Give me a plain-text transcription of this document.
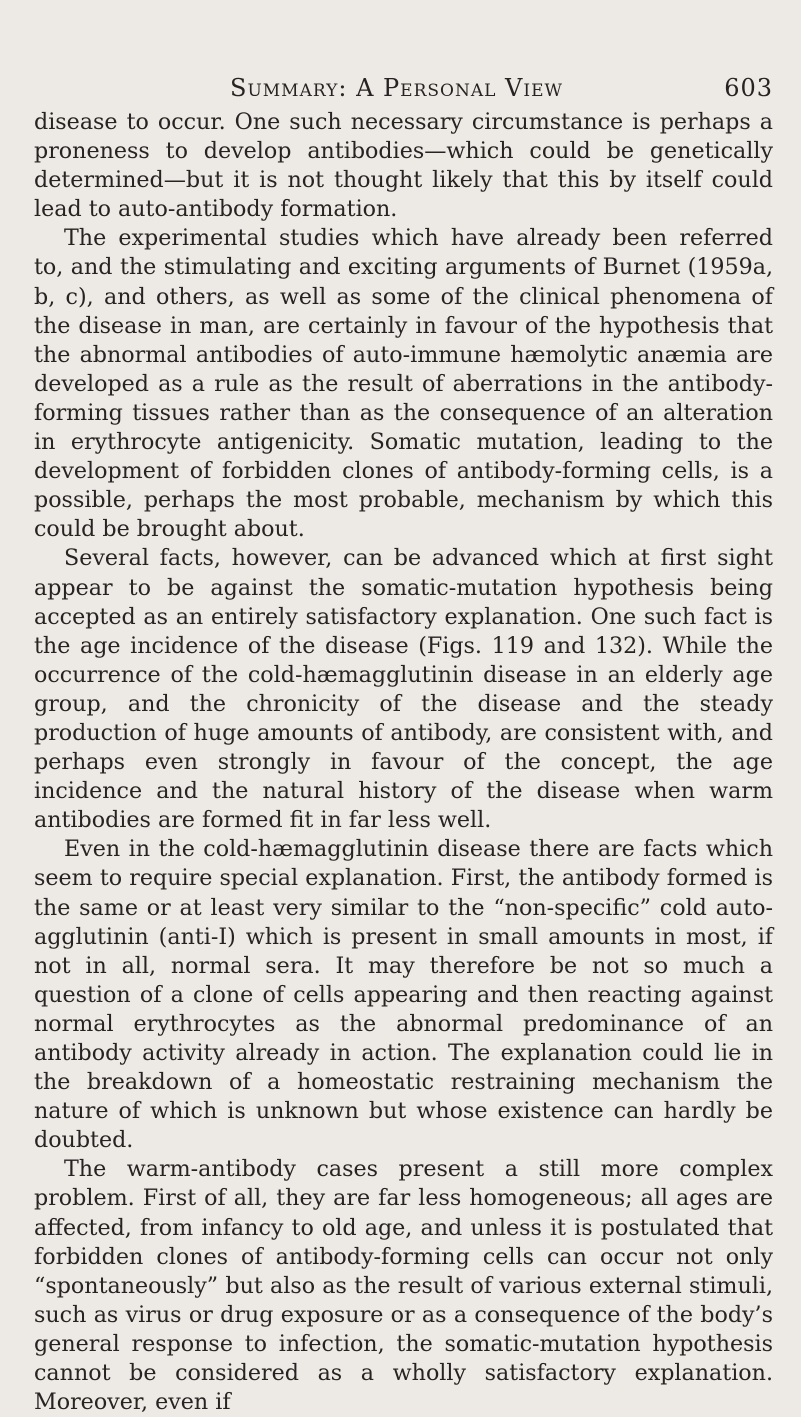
Summary: A Personal View	603

disease to occur. One such necessary circumstance is perhaps a proneness to develop antibodies—which could be genetically determined—but it is not thought likely that this by itself could lead to auto-antibody formation.

The experimental studies which have already been referred to, and the stimulating and exciting arguments of Burnet (1959a, b, c), and others, as well as some of the clinical phenomena of the disease in man, are certainly in favour of the hypothesis that the abnormal antibodies of auto-immune hæmolytic anæmia are developed as a rule as the result of aberrations in the antibody-forming tissues rather than as the consequence of an alteration in erythrocyte antigenicity. Somatic mutation, leading to the development of forbidden clones of antibody-forming cells, is a possible, perhaps the most probable, mechanism by which this could be brought about.

Several facts, however, can be advanced which at first sight appear to be against the somatic-mutation hypothesis being accepted as an entirely satisfactory explanation. One such fact is the age incidence of the disease (Figs. 119 and 132). While the occurrence of the cold-hæmagglutinin disease in an elderly age group, and the chronicity of the disease and the steady production of huge amounts of antibody, are consistent with, and perhaps even strongly in favour of the concept, the age incidence and the natural history of the disease when warm antibodies are formed fit in far less well.

Even in the cold-hæmagglutinin disease there are facts which seem to require special explanation. First, the antibody formed is the same or at least very similar to the “non-specific” cold auto-agglutinin (anti-I) which is present in small amounts in most, if not in all, normal sera. It may therefore be not so much a question of a clone of cells appearing and then reacting against normal erythrocytes as the abnormal predominance of an antibody activity already in action. The explanation could lie in the breakdown of a homeostatic restraining mechanism the nature of which is unknown but whose existence can hardly be doubted.

The warm-antibody cases present a still more complex problem. First of all, they are far less homogeneous; all ages are affected, from infancy to old age, and unless it is postulated that forbidden clones of antibody-forming cells can occur not only “spontaneously” but also as the result of various external stimuli, such as virus or drug exposure or as a consequence of the body’s general response to infection, the somatic-mutation hypothesis cannot be considered as a wholly satisfactory explanation. Moreover, even if
